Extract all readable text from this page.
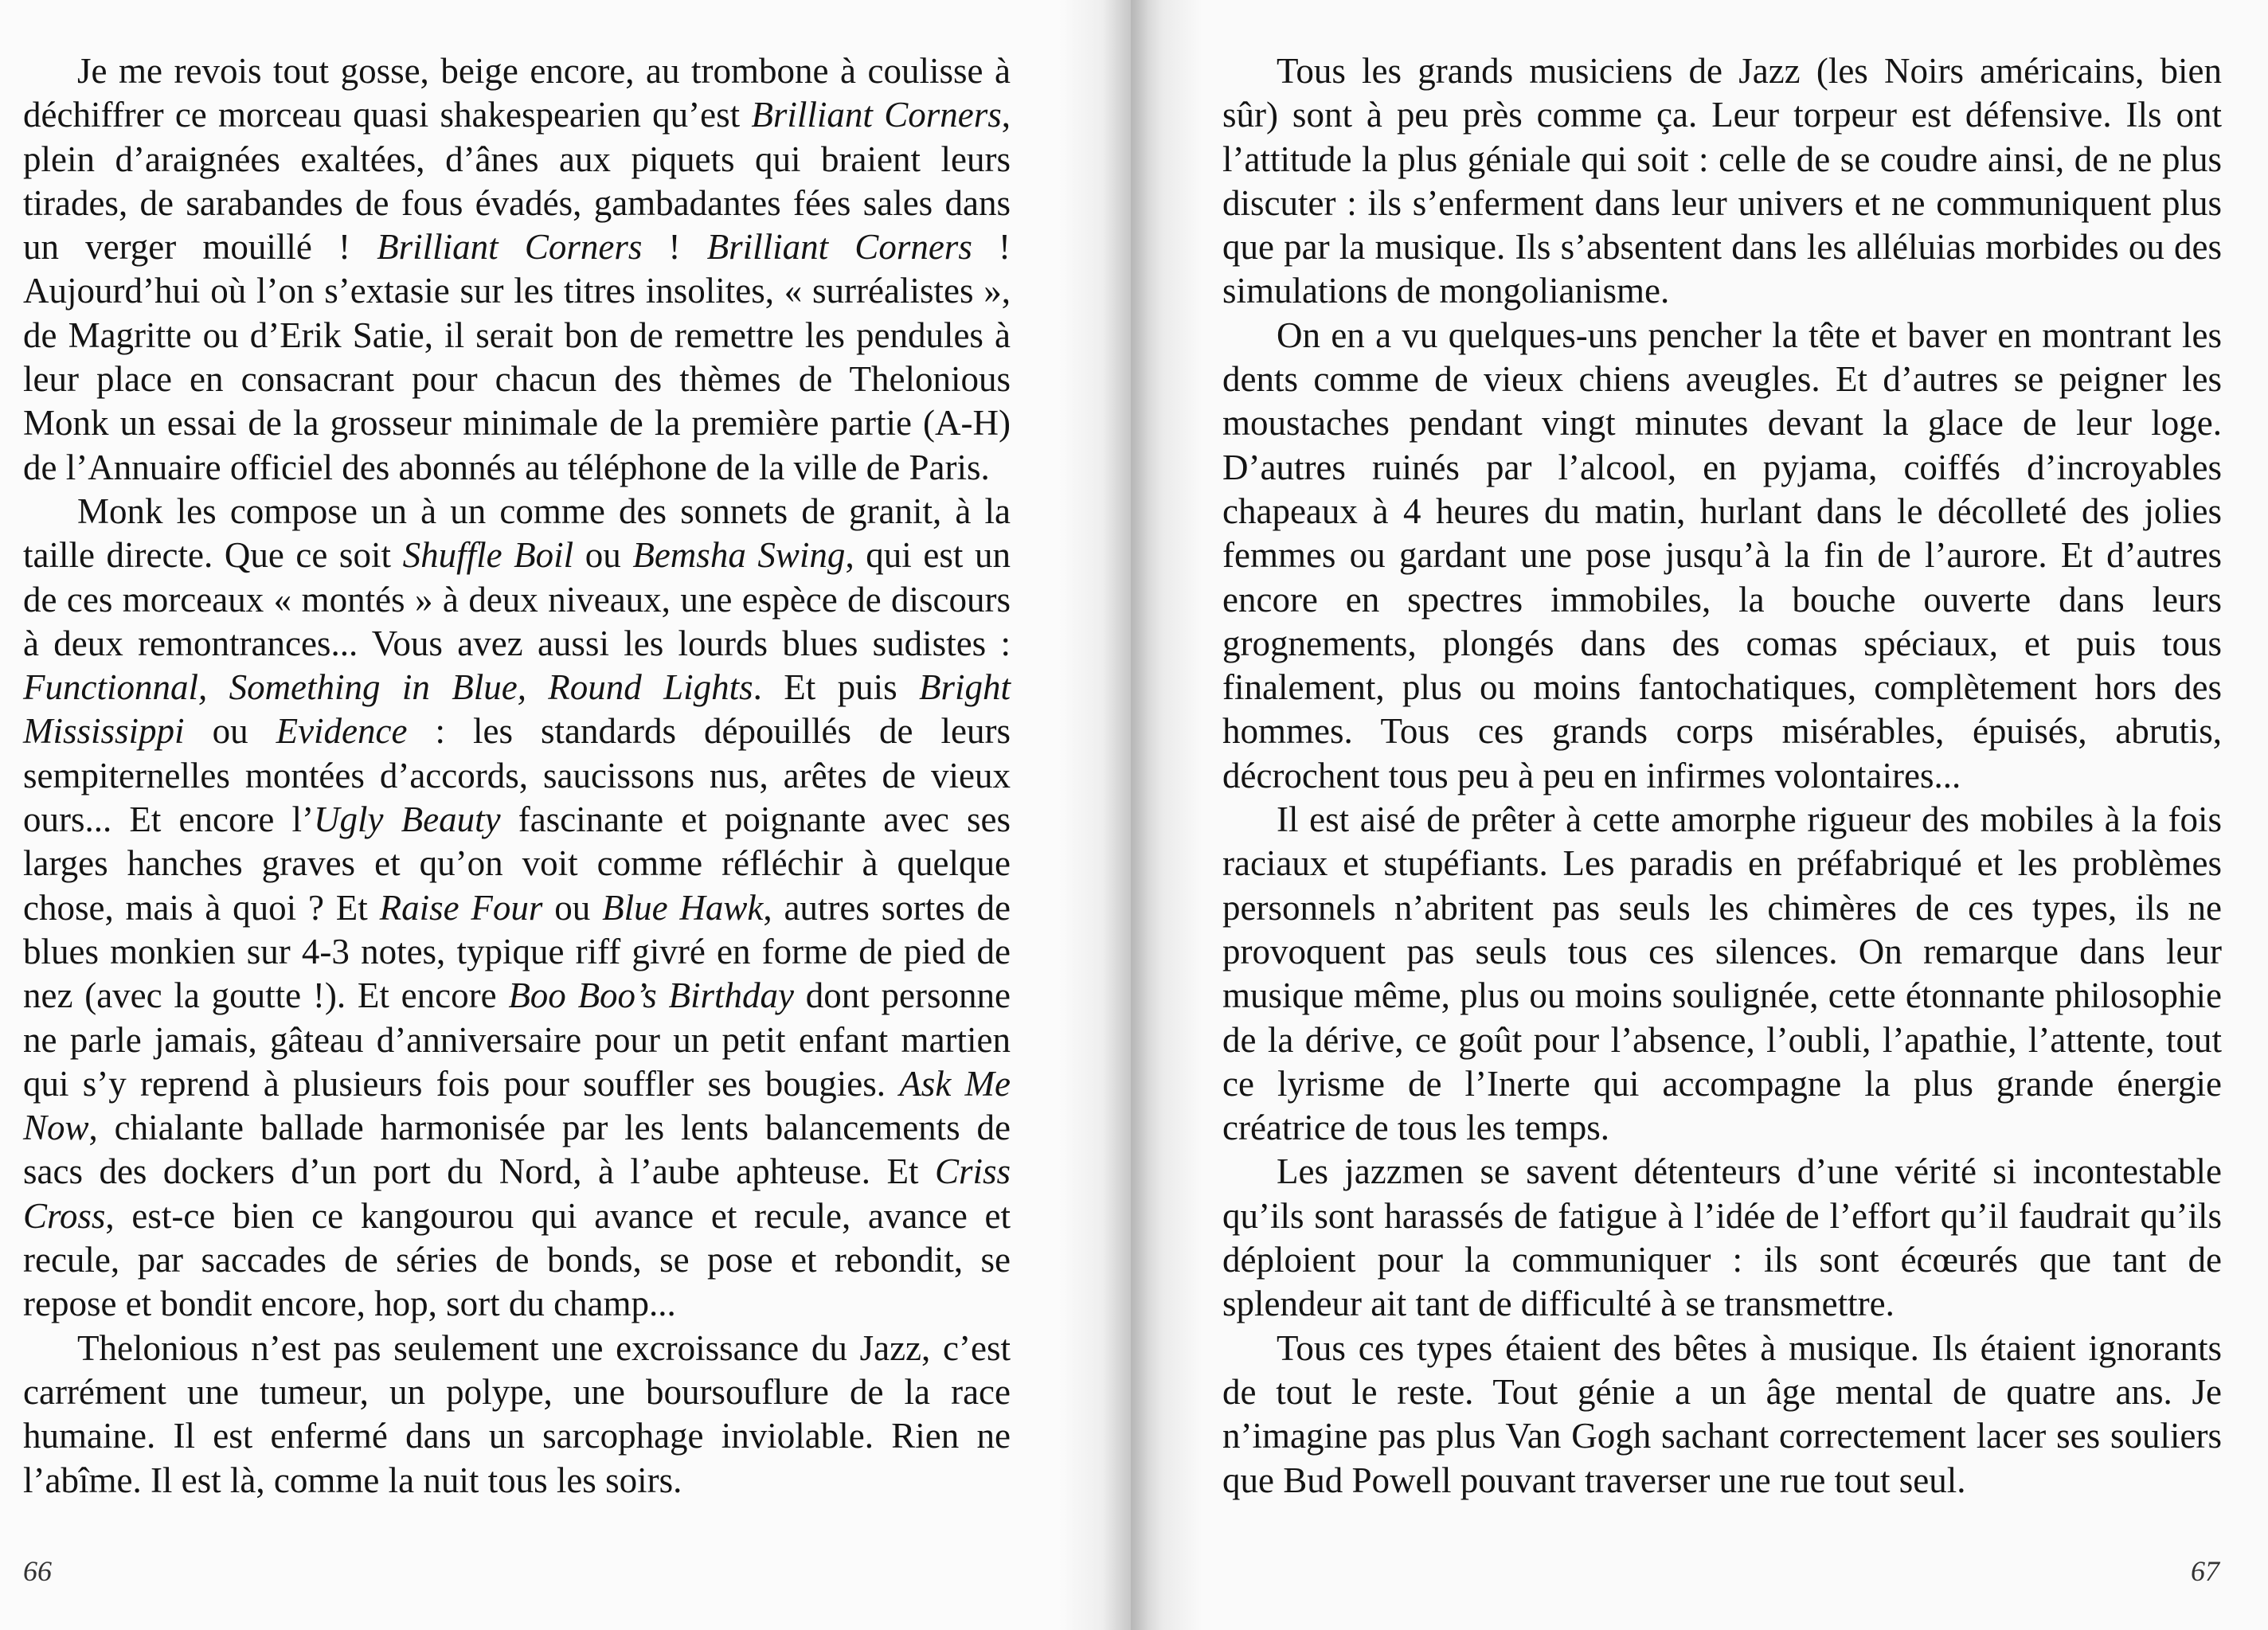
Je me revois tout gosse, beige encore, au trombone à coulisse à déchiffrer ce morceau quasi shakespearien qu’est Brilliant Corners, plein d’araignées exaltées, d’ânes aux piquets qui braient leurs tirades, de sarabandes de fous évadés, gambadantes fées sales dans un verger mouillé ! Brilliant Corners ! Brilliant Corners ! Aujourd’hui où l’on s’extasie sur les titres insolites, « surréalistes », de Magritte ou d’Erik Satie, il serait bon de remettre les pendules à leur place en consacrant pour chacun des thèmes de Thelonious Monk un essai de la grosseur minimale de la première partie (A-H) de l’Annuaire officiel des abonnés au téléphone de la ville de Paris.

Monk les compose un à un comme des sonnets de granit, à la taille directe. Que ce soit Shuffle Boil ou Bemsha Swing, qui est un de ces morceaux « montés » à deux niveaux, une espèce de discours à deux remontrances... Vous avez aussi les lourds blues sudistes : Functionnal, Something in Blue, Round Lights. Et puis Bright Mississippi ou Evidence : les standards dépouillés de leurs sempiternelles montées d’accords, saucissons nus, arêtes de vieux ours... Et encore l’Ugly Beauty fascinante et poignante avec ses larges hanches graves et qu’on voit comme réfléchir à quelque chose, mais à quoi ? Et Raise Four ou Blue Hawk, autres sortes de blues monkien sur 4-3 notes, typique riff givré en forme de pied de nez (avec la goutte !). Et encore Boo Boo’s Birthday dont personne ne parle jamais, gâteau d’anniversaire pour un petit enfant martien qui s’y reprend à plusieurs fois pour souffler ses bougies. Ask Me Now, chialante ballade harmonisée par les lents balancements de sacs des dockers d’un port du Nord, à l’aube aphteuse. Et Criss Cross, est-ce bien ce kangourou qui avance et recule, avance et recule, par saccades de séries de bonds, se pose et rebondit, se repose et bondit encore, hop, sort du champ...

Thelonious n’est pas seulement une excroissance du Jazz, c’est carrément une tumeur, un polype, une boursouflure de la race humaine. Il est enfermé dans un sarcophage inviolable. Rien ne l’abîme. Il est là, comme la nuit tous les soirs.

66

Tous les grands musiciens de Jazz (les Noirs américains, bien sûr) sont à peu près comme ça. Leur torpeur est défensive. Ils ont l’attitude la plus géniale qui soit : celle de se coudre ainsi, de ne plus discuter : ils s’enferment dans leur univers et ne communiquent plus que par la musique. Ils s’absentent dans les alléluias morbides ou des simulations de mongolianisme.

On en a vu quelques-uns pencher la tête et baver en montrant les dents comme de vieux chiens aveugles. Et d’autres se peigner les moustaches pendant vingt minutes devant la glace de leur loge. D’autres ruinés par l’alcool, en pyjama, coiffés d’incroyables chapeaux à 4 heures du matin, hurlant dans le décolleté des jolies femmes ou gardant une pose jusqu’à la fin de l’aurore. Et d’autres encore en spectres immobiles, la bouche ouverte dans leurs grognements, plongés dans des comas spéciaux, et puis tous finalement, plus ou moins fantochatiques, complètement hors des hommes. Tous ces grands corps misérables, épuisés, abrutis, décrochent tous peu à peu en infirmes volontaires...

Il est aisé de prêter à cette amorphe rigueur des mobiles à la fois raciaux et stupéfiants. Les paradis en préfabriqué et les problèmes personnels n’abritent pas seuls les chimères de ces types, ils ne provoquent pas seuls tous ces silences. On remarque dans leur musique même, plus ou moins soulignée, cette étonnante philosophie de la dérive, ce goût pour l’absence, l’oubli, l’apathie, l’attente, tout ce lyrisme de l’Inerte qui accompagne la plus grande énergie créatrice de tous les temps.

Les jazzmen se savent détenteurs d’une vérité si incontestable qu’ils sont harassés de fatigue à l’idée de l’effort qu’il faudrait qu’ils déploient pour la communiquer : ils sont écœurés que tant de splendeur ait tant de difficulté à se transmettre.

Tous ces types étaient des bêtes à musique. Ils étaient ignorants de tout le reste. Tout génie a un âge mental de quatre ans. Je n’imagine pas plus Van Gogh sachant correctement lacer ses souliers que Bud Powell pouvant traverser une rue tout seul.

67
